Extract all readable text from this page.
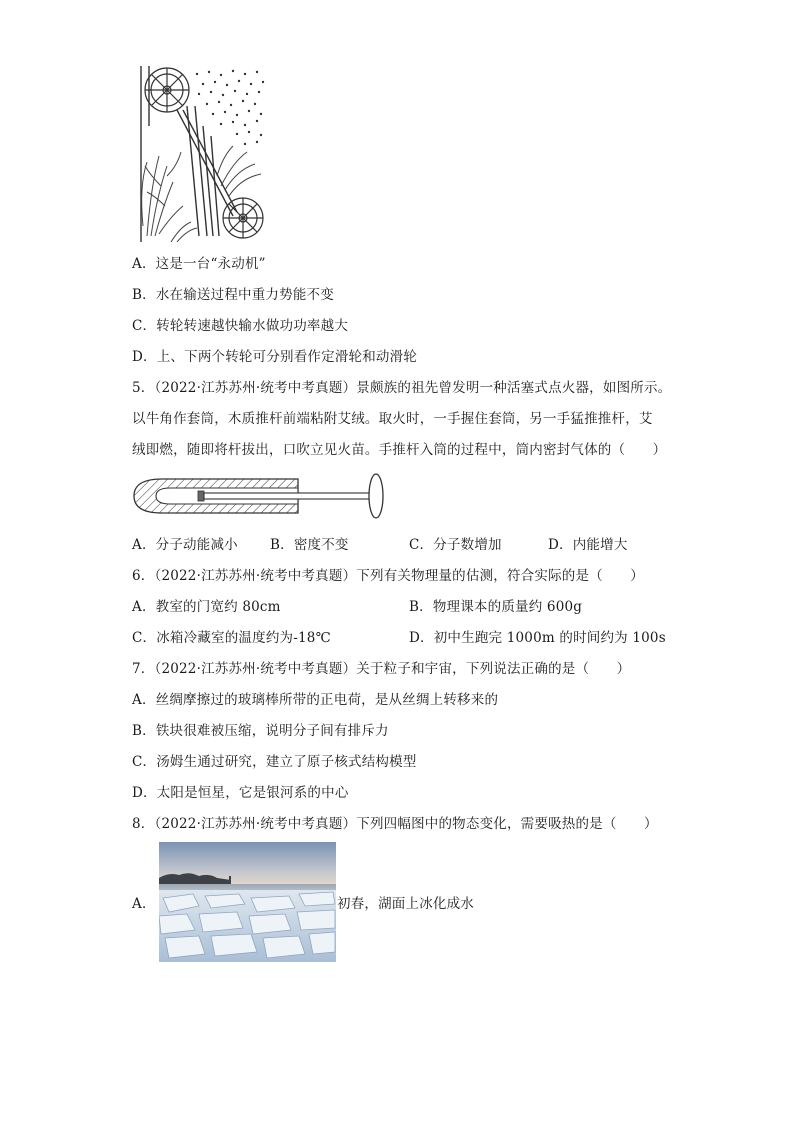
A．这是一台“永动机”
B．水在输送过程中重力势能不变
C．转轮转速越快输水做功功率越大
D．上、下两个转轮可分别看作定滑轮和动滑轮
5．（2022·江苏苏州·统考中考真题）景颇族的祖先曾发明一种活塞式点火器，如图所示。
以牛角作套筒，木质推杆前端粘附艾绒。取火时，一手握住套筒，另一手猛推推杆，艾
绒即燃，随即将杆拔出，口吹立见火苗。手推杆入筒的过程中，筒内密封气体的（　　）
A．分子动能减小 B．密度不变	C．分子数增加	D．内能增大
6．（2022·江苏苏州·统考中考真题）下列有关物理量的估测，符合实际的是（　　）
A．教室的门宽约 80cm	B．物理课本的质量约 600g
C．冰箱冷藏室的温度约为-18℃	D．初中生跑完 1000m 的时间约为 100s
7．（2022·江苏苏州·统考中考真题）关于粒子和宇宙，下列说法正确的是（　　）
A．丝绸摩擦过的玻璃棒所带的正电荷，是从丝绸上转移来的
B．铁块很难被压缩，说明分子间有排斥力
C．汤姆生通过研究，建立了原子核式结构模型
D．太阳是恒星，它是银河系的中心
8．（2022·江苏苏州·统考中考真题）下列四幅图中的物态变化，需要吸热的是（　　）
A．	初春，湖面上冰化成水
